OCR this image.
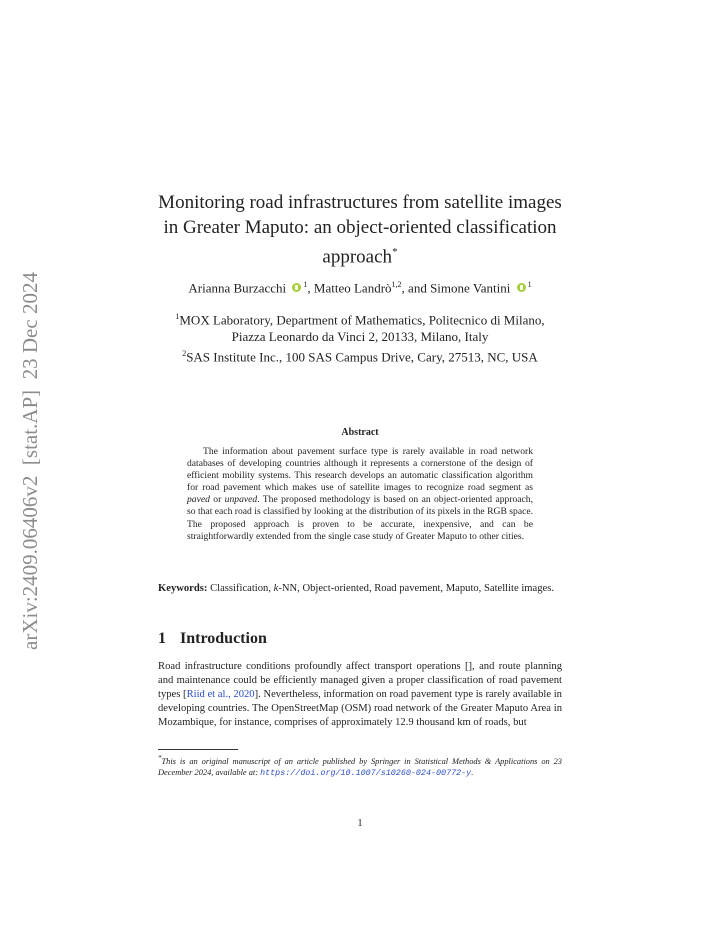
arXiv:2409.06406v2  [stat.AP]  23 Dec 2024
Monitoring road infrastructures from satellite images in Greater Maputo: an object-oriented classification approach*
Arianna Burzacchi $^1$, Matteo Landrò$^{1,2}$, and Simone Vantini $^1$
$^1$MOX Laboratory, Department of Mathematics, Politecnico di Milano, Piazza Leonardo da Vinci 2, 20133, Milano, Italy
$^2$SAS Institute Inc., 100 SAS Campus Drive, Cary, 27513, NC, USA
Abstract
The information about pavement surface type is rarely available in road network databases of developing countries although it represents a cornerstone of the design of efficient mobility systems. This research develops an automatic classification algorithm for road pavement which makes use of satellite images to recognize road segment as paved or unpaved. The proposed methodology is based on an object-oriented approach, so that each road is classified by looking at the distribution of its pixels in the RGB space. The proposed approach is proven to be accurate, inexpensive, and can be straightforwardly extended from the single case study of Greater Maputo to other cities.
Keywords: Classification, k-NN, Object-oriented, Road pavement, Maputo, Satellite images.
1 Introduction
Road infrastructure conditions profoundly affect transport operations [], and route planning and maintenance could be efficiently managed given a proper classification of road pavement types [Riid et al., 2020]. Nevertheless, information on road pavement type is rarely available in developing countries. The OpenStreetMap (OSM) road network of the Greater Maputo Area in Mozambique, for instance, comprises of approximately 12.9 thousand km of roads, but
*This is an original manuscript of an article published by Springer in Statistical Methods & Applications on 23 December 2024, available at: https://doi.org/10.1007/s10260-024-00772-y.
1
